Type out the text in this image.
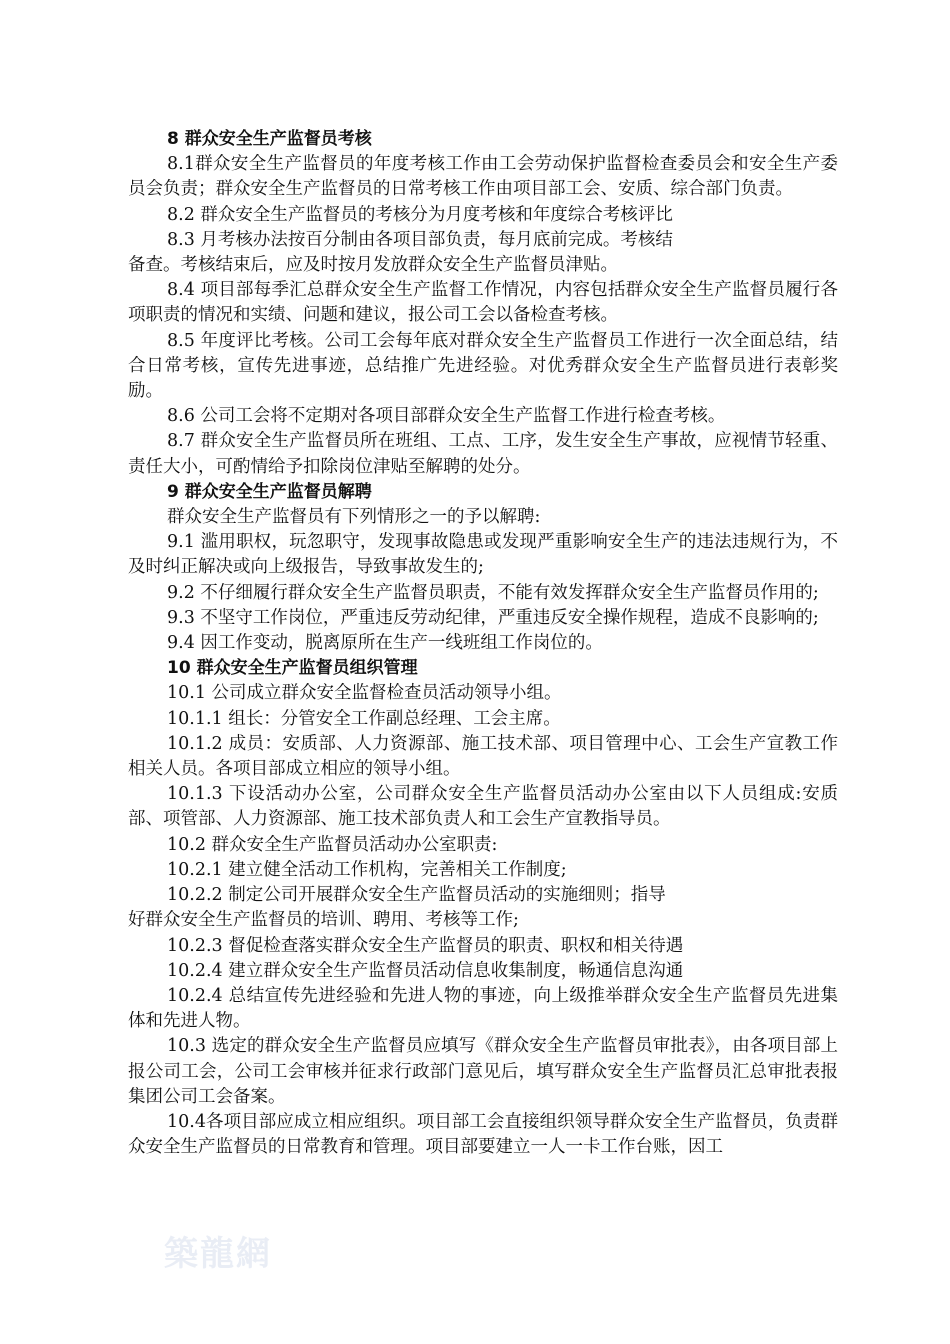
8 群众安全生产监督员考核

8.1群众安全生产监督员的年度考核工作由工会劳动保护监督检查委员会和安全生产委员会负责；群众安全生产监督员的日常考核工作由项目部工会、安质、综合部门负责。

8.2 群众安全生产监督员的考核分为月度考核和年度综合考核评比

8.3 月考核办法按百分制由各项目部负责，每月底前完成。考核结

备查。考核结束后，应及时按月发放群众安全生产监督员津贴。

8.4 项目部每季汇总群众安全生产监督工作情况，内容包括群众安全生产监督员履行各项职责的情况和实绩、问题和建议，报公司工会以备检查考核。

8.5 年度评比考核。公司工会每年底对群众安全生产监督员工作进行一次全面总结，结合日常考核，宣传先进事迹，总结推广先进经验。对优秀群众安全生产监督员进行表彰奖励。

8.6 公司工会将不定期对各项目部群众安全生产监督工作进行检查考核。

8.7 群众安全生产监督员所在班组、工点、工序，发生安全生产事故，应视情节轻重、责任大小，可酌情给予扣除岗位津贴至解聘的处分。

9 群众安全生产监督员解聘

群众安全生产监督员有下列情形之一的予以解聘:

9.1 滥用职权，玩忽职守，发现事故隐患或发现严重影响安全生产的违法违规行为，不及时纠正解决或向上级报告，导致事故发生的;

9.2 不仔细履行群众安全生产监督员职责，不能有效发挥群众安全生产监督员作用的;

9.3 不坚守工作岗位，严重违反劳动纪律，严重违反安全操作规程，造成不良影响的;

9.4 因工作变动，脱离原所在生产一线班组工作岗位的。

10 群众安全生产监督员组织管理

10.1 公司成立群众安全监督检查员活动领导小组。

10.1.1 组长：分管安全工作副总经理、工会主席。

10.1.2 成员：安质部、人力资源部、施工技术部、项目管理中心、工会生产宣教工作相关人员。各项目部成立相应的领导小组。

10.1.3 下设活动办公室，公司群众安全生产监督员活动办公室由以下人员组成:安质部、项管部、人力资源部、施工技术部负责人和工会生产宣教指导员。

10.2 群众安全生产监督员活动办公室职责:

10.2.1 建立健全活动工作机构，完善相关工作制度;

10.2.2 制定公司开展群众安全生产监督员活动的实施细则；指导

好群众安全生产监督员的培训、聘用、考核等工作;

10.2.3 督促检查落实群众安全生产监督员的职责、职权和相关待遇

10.2.4 建立群众安全生产监督员活动信息收集制度，畅通信息沟通

10.2.4 总结宣传先进经验和先进人物的事迹，向上级推举群众安全生产监督员先进集体和先进人物。

10.3 选定的群众安全生产监督员应填写《群众安全生产监督员审批表》，由各项目部上报公司工会，公司工会审核并征求行政部门意见后，填写群众安全生产监督员汇总审批表报集团公司工会备案。

10.4各项目部应成立相应组织。项目部工会直接组织领导群众安全生产监督员，负责群众安全生产监督员的日常教育和管理。项目部要建立一人一卡工作台账，因工

築龍網
